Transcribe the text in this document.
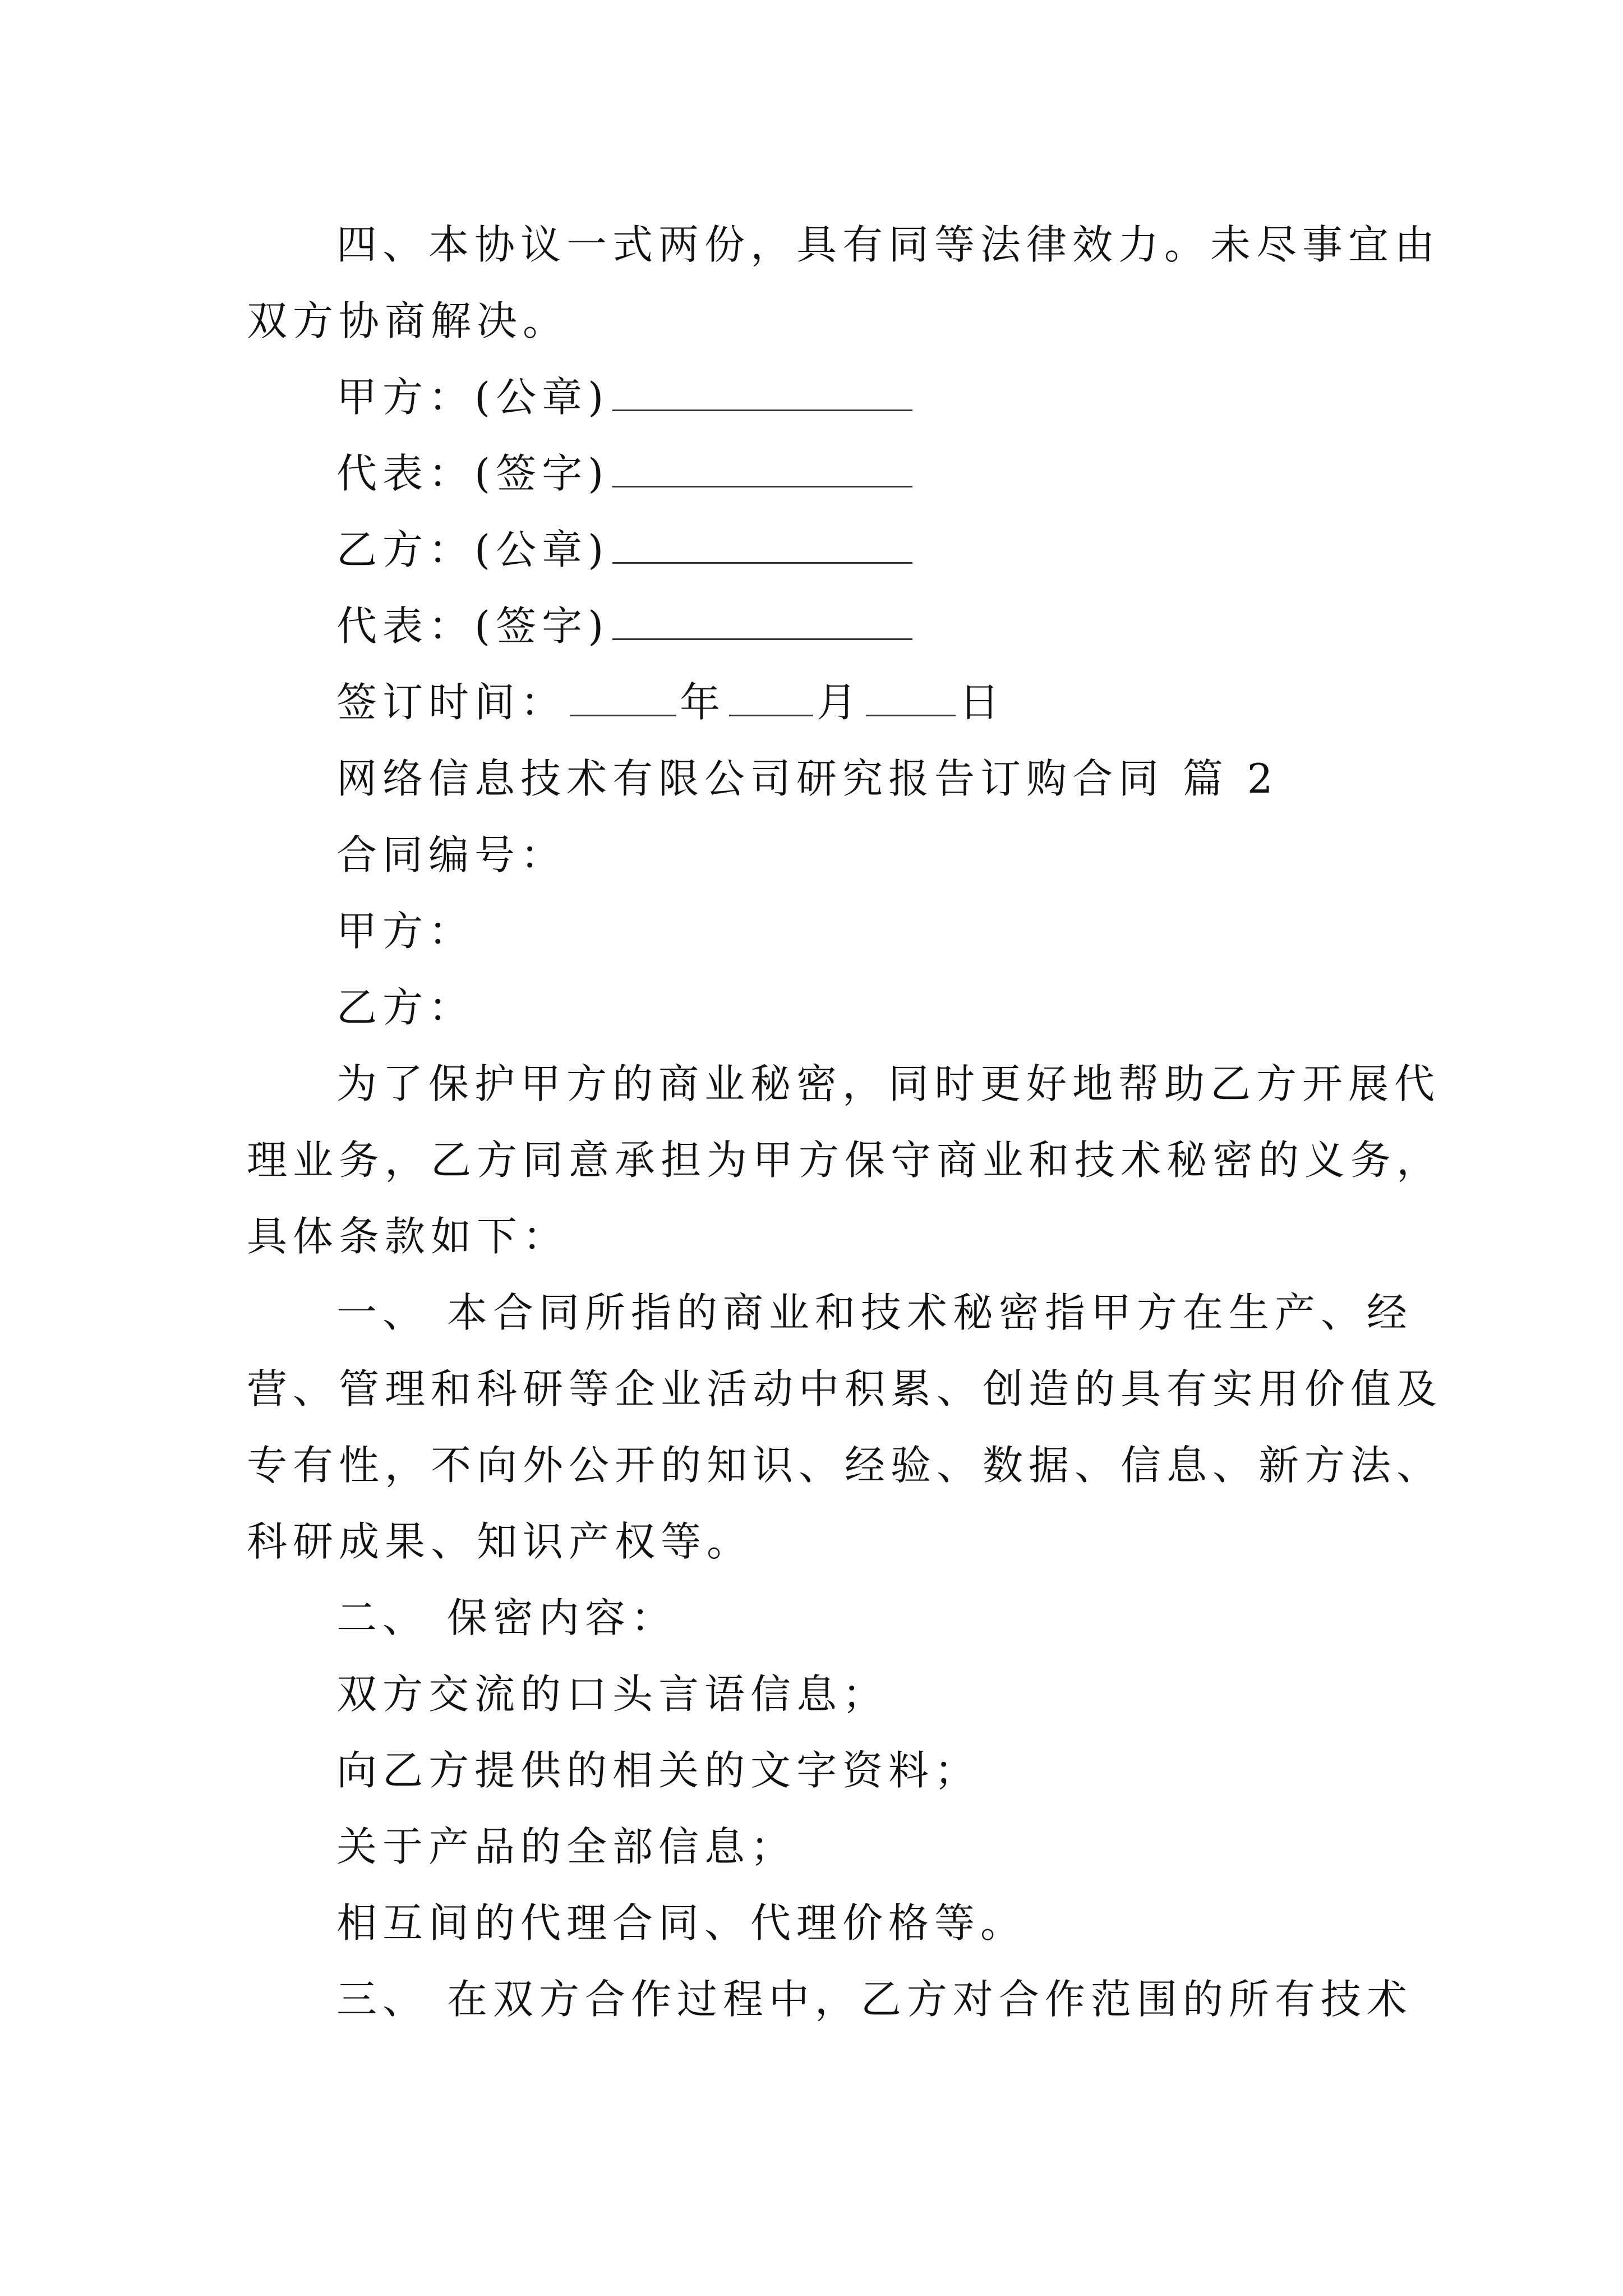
四、本协议一式两份，具有同等法律效力。未尽事宜由
双方协商解决。
甲方：(公章)
代表：(签字)
乙方：(公章)
代表：(签字)
签订时间：	年 月 日
网络信息技术有限公司研究报告订购合同 篇 2
合同编号：
甲方：
乙方：
为了保护甲方的商业秘密，同时更好地帮助乙方开展代
理业务，乙方同意承担为甲方保守商业和技术秘密的义务，
具体条款如下：
一、 本合同所指的商业和技术秘密指甲方在生产、经
营、管理和科研等企业活动中积累、创造的具有实用价值及
专有性，不向外公开的知识、经验、数据、信息、新方法、
科研成果、知识产权等。
二、 保密内容：
双方交流的口头言语信息；
向乙方提供的相关的文字资料；
关于产品的全部信息；
相互间的代理合同、代理价格等。
三、 在双方合作过程中，乙方对合作范围的所有技术
